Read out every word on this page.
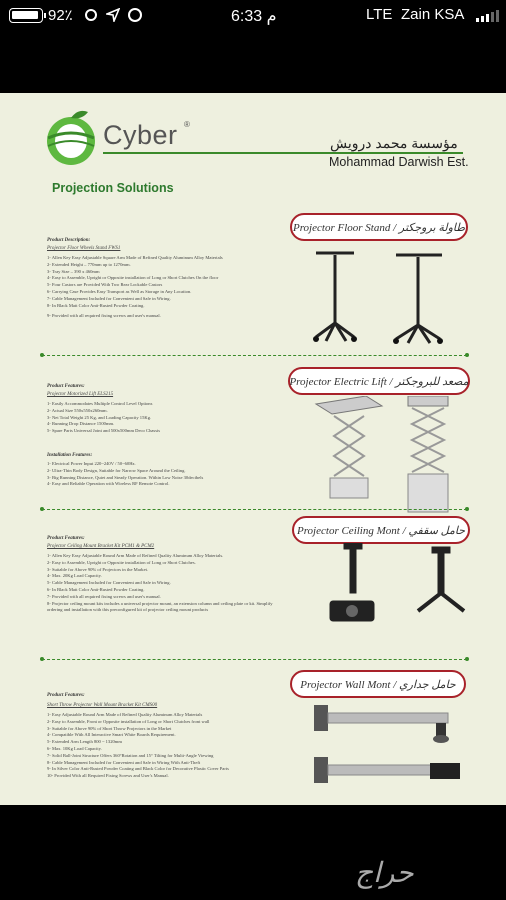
92٪	6:33 م	LTE Zain KSA
Cyber ®
مؤسسة محمد درويش
Mohammad Darwish Est.
Projection Solutions
Projector Floor Stand / طاولة بروجكتر
Product Description:
Projector Floor Wheels Stand FWS1
1- Allen Key Easy Adjustable Square Arm Made of Refined Quality Aluminum Alloy Materials
2- Extended Height – 770mm up to 1270mm.
3- Tray Size – 390 x 460mm
4- Easy to Assemble, Upright or Opposite installation of Long or Short Clutches On the floor
5- Four Castors are Provided With Two Rear Lockable Castors
6- Carrying Case Provides Easy Transport as Well as Storage in Any Location.
7- Cable Management Included for Convenient and Safe in Wiring.
8- In Black Matt Color Anti-Rusted Powder Coating.
9- Provided with all required fixing screws and user's manual.
Projector Electric Lift / مصعد للبروجكتر
Product Features:
Projector Motorized Lift ELS215
1- Easily Accommodates Multiple Control Level Options
2- Actual Size 550x550x260mm.
3- Net Total Weight 25 Kg, and Loading Capacity 15Kg.
4- Running Drop Distance 1500mm.
5- Spare Parts Universal Joint and 500x500mm Deco Chassis
Installation Features:
1- Electrical Power Input 220~240V / 50~60Hz.
2- Ultra-Thin Body Design, Suitable for Narrow Space Around the Ceiling.
3- Big Running Distance, Quiet and Steady Operation. Within Low Noise 30decibels
4- Easy and Reliable Operation with Wireless RF Remote Control.
Projector Ceiling Mont / حامل سقفي
Product Features:
Projector Ceiling Mount Bracket Kit PCM1 & PCM2
1- Allen Key Easy Adjustable Round Arm Made of Refined Quality Aluminum Alloy Materials.
2- Easy to Assemble, Upright or Opposite installation of Long or Short Clutches.
3- Suitable for Above 90% of Projectors in the Market.
4- Max. 20Kg Load Capacity.
5- Cable Management Included for Convenient and Safe in Wiring.
6- In Black Matt Color Anti-Rusted Powder Coating.
7- Provided with all required fixing screws and user's manual.
8- Projector ceiling mount kits includes a universal projector mount, an extension column and ceiling plate or kit. Simplify ordering and installation with this preconfigured kit of projector ceiling mount products
Projector Wall Mont / حامل جداري
Product Features:
Short Throw Projector Wall Mount Bracket Kit CMS00
1- Easy Adjustable Round Arm Made of Refined Quality Aluminum Alloy Materials
2- Easy to Assemble, Front or Opposite installation of Long or Short Clutches front wall
3- Suitable for Above 90% of Short Throw Projectors in the Market
4- Compatible With All Interactive Smart White Boards Requirement.
5- Extended Arm Length 800 ~ 1320mm
6- Max. 10Kg Load Capacity.
7- Solid Ball-Joint Structure Offers 360°Rotation and 15° Tilting for Multi-Angle Viewing
8- Cable Management Included for Convenient and Safe in Wiring With Anti-Theft
9- In Silver Color Anti-Rusted Powder Coating and Black Color for Decorative Plastic Cover Parts
10- Provided With all Required Fixing Screws and User's Manual.
حراج
